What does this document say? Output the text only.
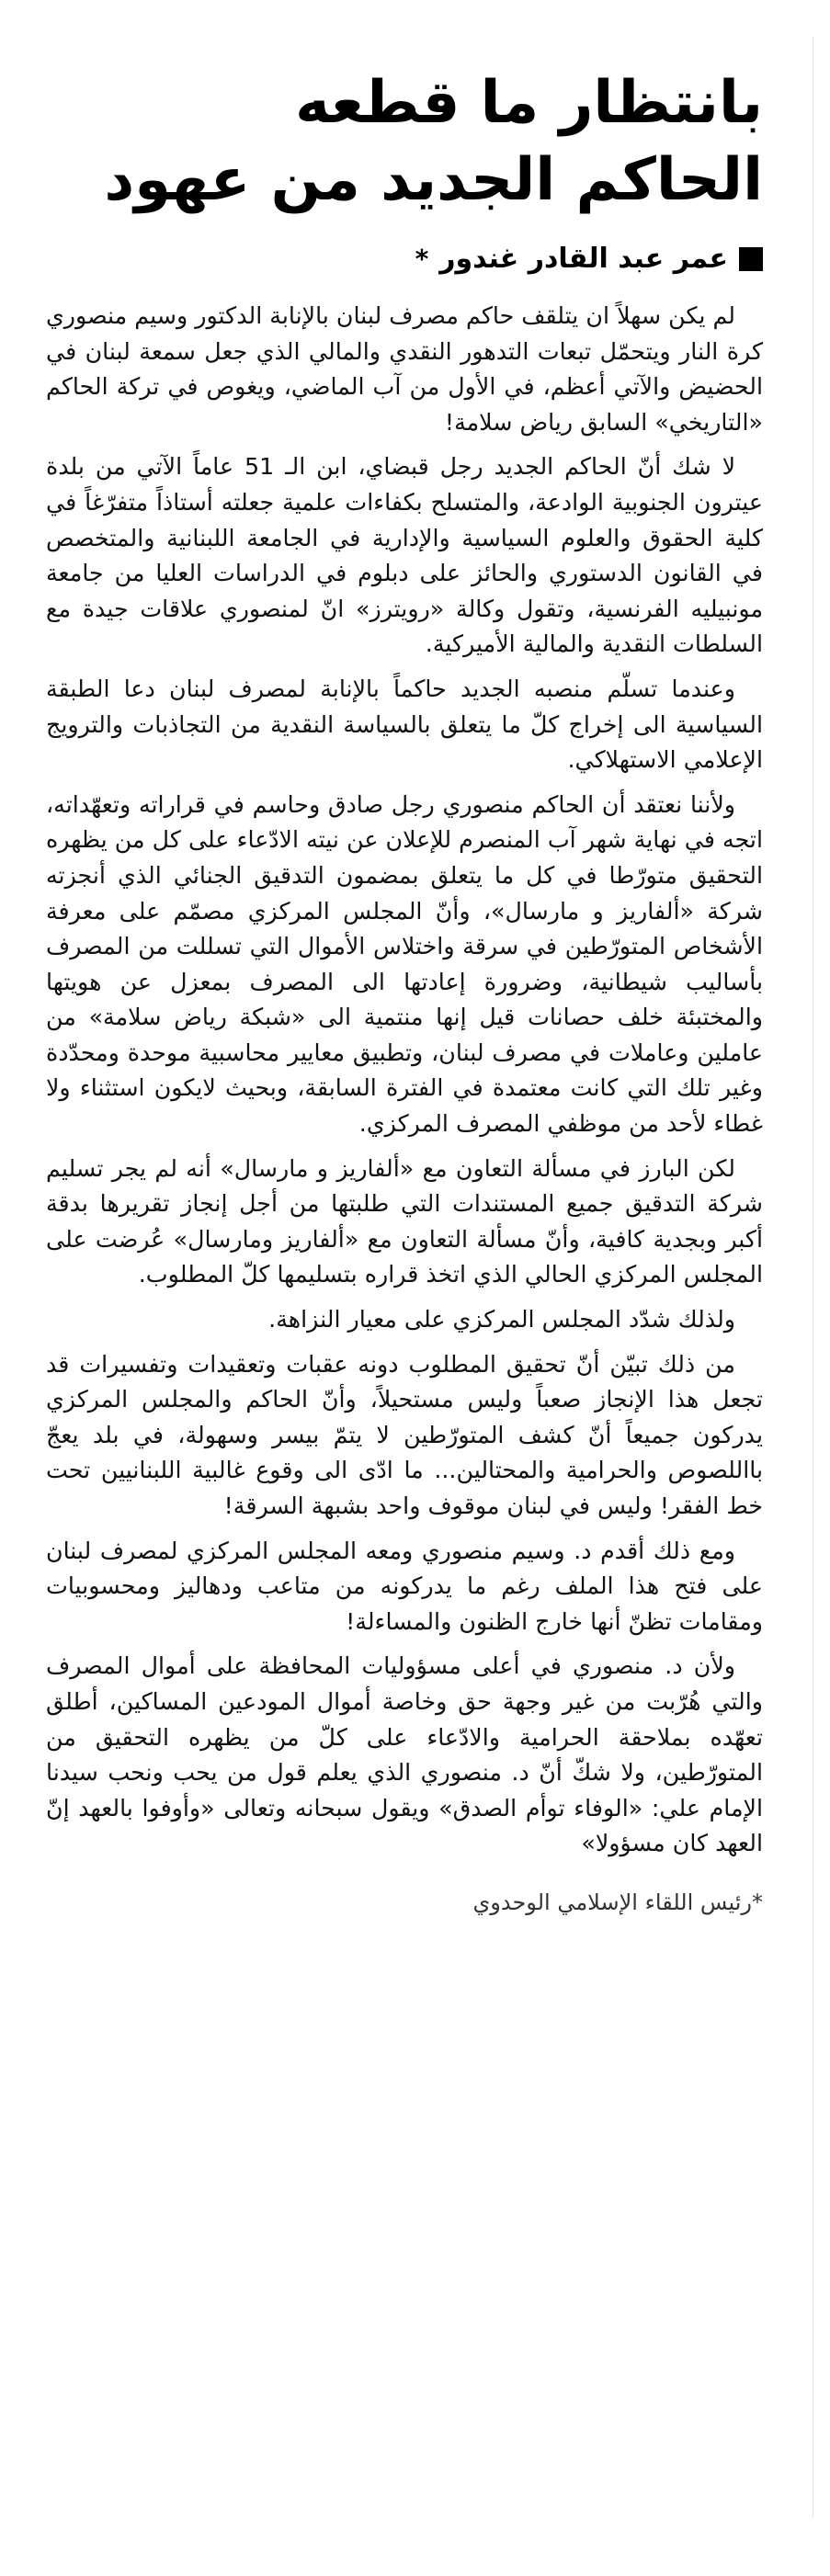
بانتظار ما قطعه
الحاكم الجديد من عهود
عمر عبد القادر غندور
*

لم يكن سهلاً ان يتلقف حاكم مصرف لبنان بالإنابة الدكتور وسيم منصوري كرة النار ويتحمّل تبعات التدهور النقدي والمالي الذي جعل سمعة لبنان في الحضيض والآتي أعظم، في الأول من آب الماضي، ويغوص في تركة الحاكم «التاريخي» السابق رياض سلامة!

لا شك أنّ الحاكم الجديد رجل قبضاي، ابن الـ 51 عاماً الآتي من بلدة عيترون الجنوبية الوادعة، والمتسلح بكفاءات علمية جعلته أستاذاً متفرّغاً في كلية الحقوق والعلوم السياسية والإدارية في الجامعة اللبنانية والمتخصص في القانون الدستوري والحائز على دبلوم في الدراسات العليا من جامعة مونبيليه الفرنسية، وتقول وكالة «رويترز» انّ لمنصوري علاقات جيدة مع السلطات النقدية والمالية الأميركية.

وعندما تسلّم منصبه الجديد حاكماً بالإنابة لمصرف لبنان دعا الطبقة السياسية الى إخراج كلّ ما يتعلق بالسياسة النقدية من التجاذبات والترويج الإعلامي الاستهلاكي.

ولأننا نعتقد أن الحاكم منصوري رجل صادق وحاسم في قراراته وتعهّداته، اتجه في نهاية شهر آب المنصرم للإعلان عن نيته الادّعاء على كل من يظهره التحقيق متورّطا في كل ما يتعلق بمضمون التدقيق الجنائي الذي أنجزته شركة «ألفاريز و مارسال»، وأنّ المجلس المركزي مصمّم على معرفة الأشخاص المتورّطين في سرقة واختلاس الأموال التي تسللت من المصرف بأساليب شيطانية، وضرورة إعادتها الى المصرف بمعزل عن هويتها والمختبئة خلف حصانات قيل إنها منتمية الى «شبكة رياض سلامة» من عاملين وعاملات في مصرف لبنان، وتطبيق معايير محاسبية موحدة ومحدّدة وغير تلك التي كانت معتمدة في الفترة السابقة، وبحيث لايكون استثناء ولا غطاء لأحد من موظفي المصرف المركزي.

لكن البارز في مسألة التعاون مع «ألفاريز و مارسال» أنه لم يجر تسليم شركة التدقيق جميع المستندات التي طلبتها من أجل إنجاز تقريرها بدقة أكبر وبجدية كافية، وأنّ مسألة التعاون مع «ألفاريز ومارسال» عُرضت على المجلس المركزي الحالي الذي اتخذ قراره بتسليمها كلّ المطلوب.

ولذلك شدّد المجلس المركزي على معيار النزاهة.

من ذلك تبيّن أنّ تحقيق المطلوب دونه عقبات وتعقيدات وتفسيرات قد تجعل هذا الإنجاز صعباً وليس مستحيلاً، وأنّ الحاكم والمجلس المركزي يدركون جميعاً أنّ كشف المتورّطين لا يتمّ بيسر وسهولة، في بلد يعجّ بااللصوص والحرامية والمحتالين... ما ادّى الى وقوع غالبية اللبنانيين تحت خط الفقر! وليس في لبنان موقوف واحد بشبهة السرقة!

ومع ذلك أقدم د. وسيم منصوري ومعه المجلس المركزي لمصرف لبنان على فتح هذا الملف رغم ما يدركونه من متاعب ودهاليز ومحسوبيات ومقامات تظنّ أنها خارج الظنون والمساءلة!

ولأن د. منصوري في أعلى مسؤوليات المحافظة على أموال المصرف والتي هُرّبت من غير وجهة حق وخاصة أموال المودعين المساكين، أطلق تعهّده بملاحقة الحرامية والادّعاء على كلّ من يظهره التحقيق من المتورّطين، ولا شكّ أنّ د. منصوري الذي يعلم قول من يحب ونحب سيدنا الإمام علي: «الوفاء توأم الصدق» ويقول سبحانه وتعالى «وأوفوا بالعهد إنّ العهد كان مسؤولا»

*رئيس اللقاء الإسلامي الوحدوي
